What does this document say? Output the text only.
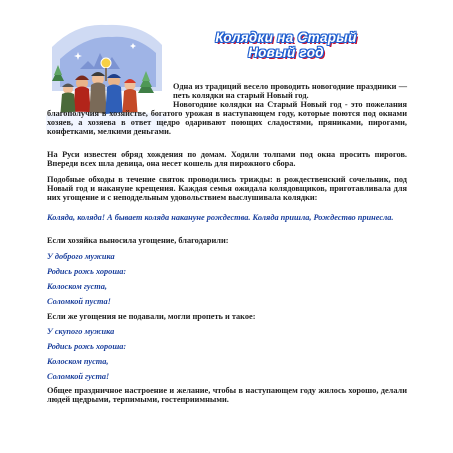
Колядки на Старый
Новый год

Одна из традиций весело проводить новогодние праздники — петь колядки на старый Новый год.

Новогодние колядки на Старый Новый год - это пожелания благополучия в хозяйстве, богатого урожая в наступающем году, которые поются под окнами хозяев, а хозяева в ответ щедро одаривают поющих сладостями, пряниками, пирогами, конфетками, мелкими деньгами.

На Руси известен обряд хождения по домам. Ходили толпами под окна просить пирогов. Впереди всех шла девица, она несет кошель для пирожного сбора.

Подобные обходы в течение святок проводились трижды: в рождественский сочельник, под Новый год и накануне крещения. Каждая семья ожидала колядовщиков, приготавливала для них угощение и с неподдельным удовольствием выслушивала колядки:

Коляда, коляда! А бывает коляда накануне рождества. Коляда пришла, Рождество принесла.

Если хозяйка выносила угощение, благодарили:

У доброго мужика

Родись рожь хороша:

Колоском густа,

Соломкой пуста!

Если же угощения не подавали, могли пропеть и такое:

У скупого мужика

Родись рожь хороша:

Колоском пуста,

Соломкой густа!

Общее праздничное настроение и желание, чтобы в наступающем году жилось хорошо, делали людей щедрыми, терпимыми, гостеприимными.
